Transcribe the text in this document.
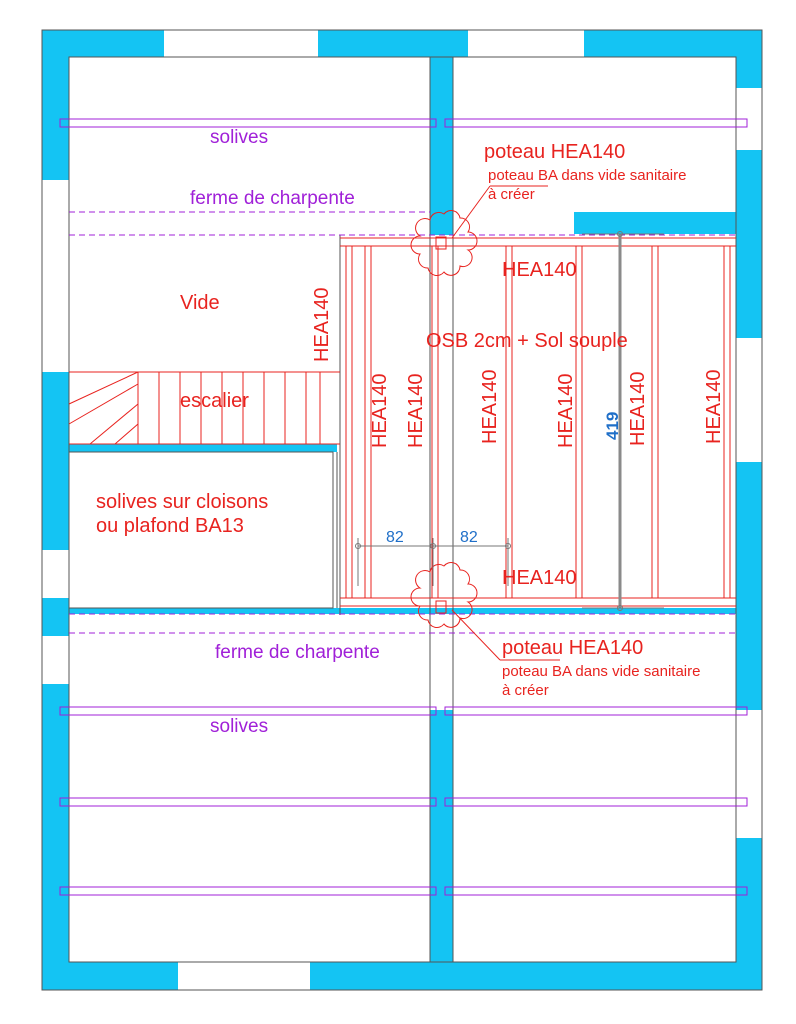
solives
ferme de charpente
poteau HEA140
poteau BA dans vide sanitaire
à créer
HEA140
Vide
OSB 2cm + Sol souple
escalier
HEA140
HEA140 HEA140	HEA140	HEA140	HEA140	HEA140
419
82	82
solives sur cloisons
ou plafond BA13
HEA140
poteau HEA140
poteau BA dans vide sanitaire
à créer
ferme de charpente
solives
